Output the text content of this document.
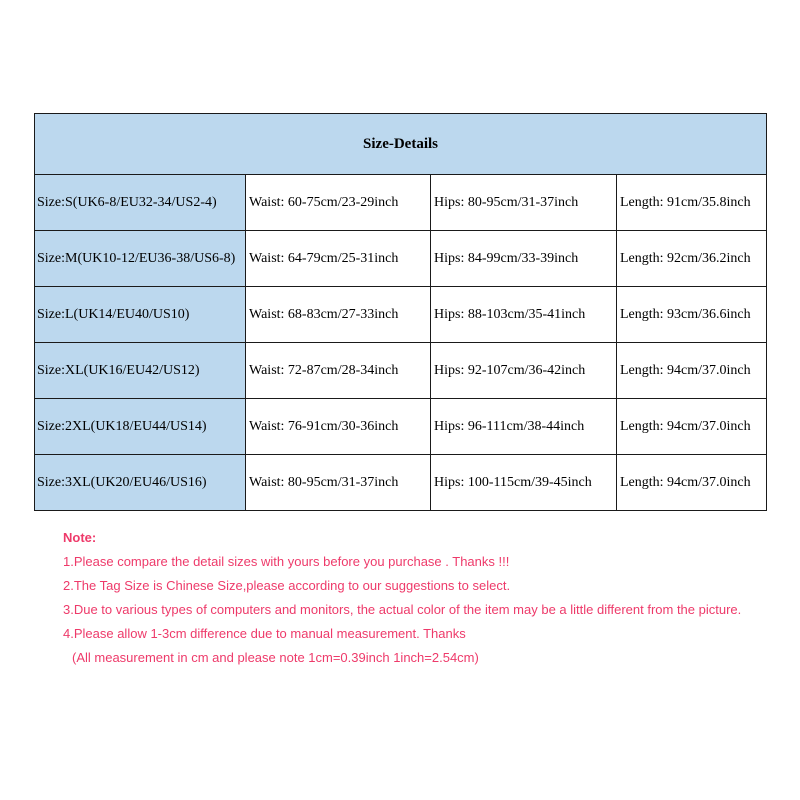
Size-Details			
Size:S(UK6-8/EU32-34/US2-4)	Waist: 60-75cm/23-29inch	Hips: 80-95cm/31-37inch	Length: 91cm/35.8inch
Size:M(UK10-12/EU36-38/US6-8)	Waist: 64-79cm/25-31inch	Hips: 84-99cm/33-39inch	Length: 92cm/36.2inch
Size:L(UK14/EU40/US10)	Waist: 68-83cm/27-33inch	Hips: 88-103cm/35-41inch	Length: 93cm/36.6inch
Size:XL(UK16/EU42/US12)	Waist: 72-87cm/28-34inch	Hips: 92-107cm/36-42inch	Length: 94cm/37.0inch
Size:2XL(UK18/EU44/US14)	Waist: 76-91cm/30-36inch	Hips: 96-111cm/38-44inch	Length: 94cm/37.0inch
Size:3XL(UK20/EU46/US16)	Waist: 80-95cm/31-37inch	Hips: 100-115cm/39-45inch	Length: 94cm/37.0inch
Note:
1.Please compare the detail sizes with yours before you purchase . Thanks !!!
2.The Tag Size is Chinese Size,please according to our suggestions to select.
3.Due to various types of computers and monitors, the actual color of the item may be a little different from the picture.
4.Please allow 1-3cm difference due to manual measurement. Thanks
(All measurement in cm and please note 1cm=0.39inch 1inch=2.54cm)
